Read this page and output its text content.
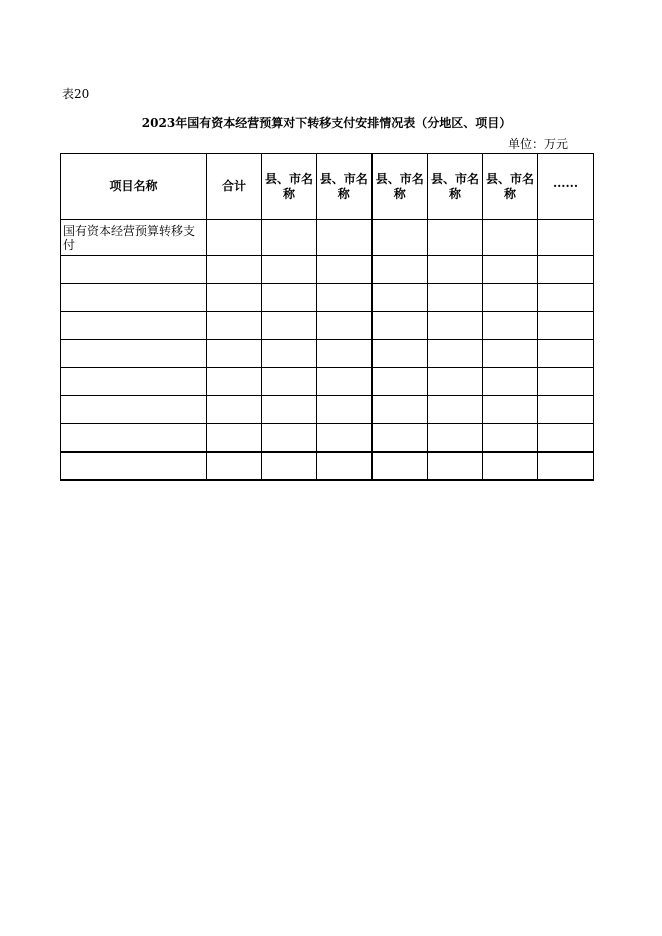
表20
2023年国有资本经营预算对下转移支付安排情况表（分地区、项目）
单位：万元
项目名称	合计	县、市名称	县、市名称	县、市名称	县、市名称	县、市名称	······
国有资本经营预算转移支付							
